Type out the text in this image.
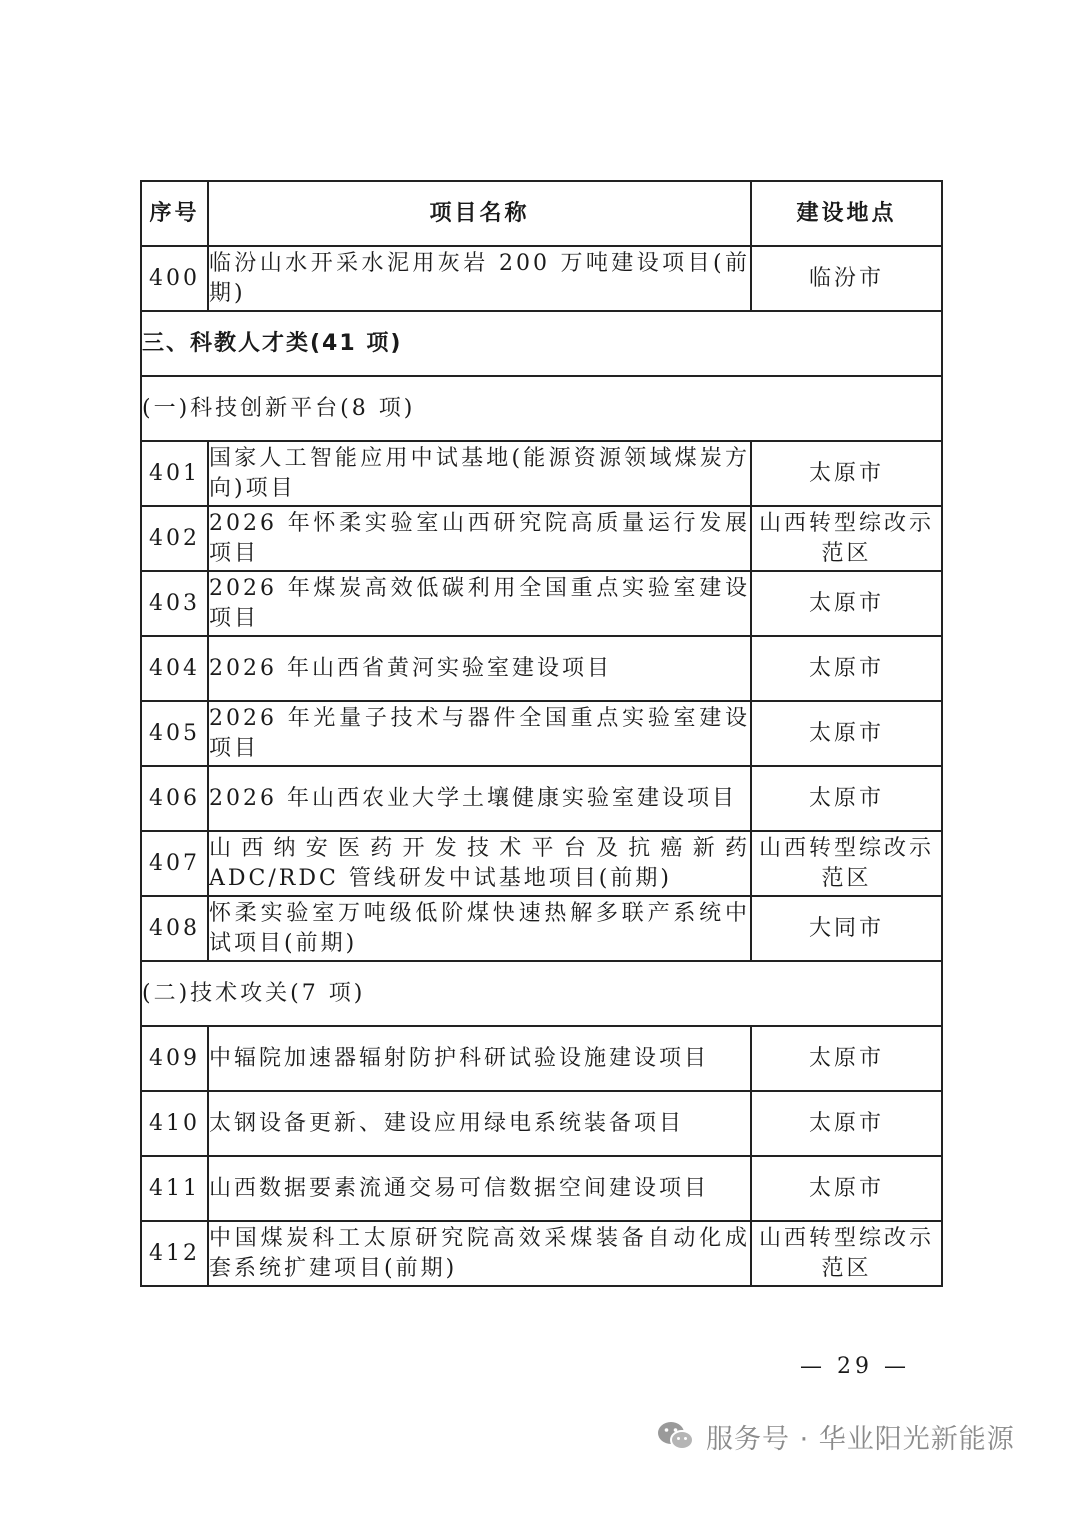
序号	项目名称	建设地点
400	临汾山水开采水泥用灰岩 200 万吨建设项目(前期)	临汾市
三、科教人才类(41 项)		
(一)科技创新平台(8 项)		
401	国家人工智能应用中试基地(能源资源领域煤炭方向)项目	太原市
402	2026 年怀柔实验室山西研究院高质量运行发展项目	山西转型综改示范区
403	2026 年煤炭高效低碳利用全国重点实验室建设项目	太原市
404	2026 年山西省黄河实验室建设项目	太原市
405	2026 年光量子技术与器件全国重点实验室建设项目	太原市
406	2026 年山西农业大学土壤健康实验室建设项目	太原市
407	山西纳安医药开发技术平台及抗癌新药 ADC/RDC 管线研发中试基地项目(前期)	山西转型综改示范区
408	怀柔实验室万吨级低阶煤快速热解多联产系统中试项目(前期)	大同市
(二)技术攻关(7 项)		
409	中辐院加速器辐射防护科研试验设施建设项目	太原市
410	太钢设备更新、建设应用绿电系统装备项目	太原市
411	山西数据要素流通交易可信数据空间建设项目	太原市
412	中国煤炭科工太原研究院高效采煤装备自动化成套系统扩建项目(前期)	山西转型综改示范区
— 29 —
服务号 · 华业阳光新能源
